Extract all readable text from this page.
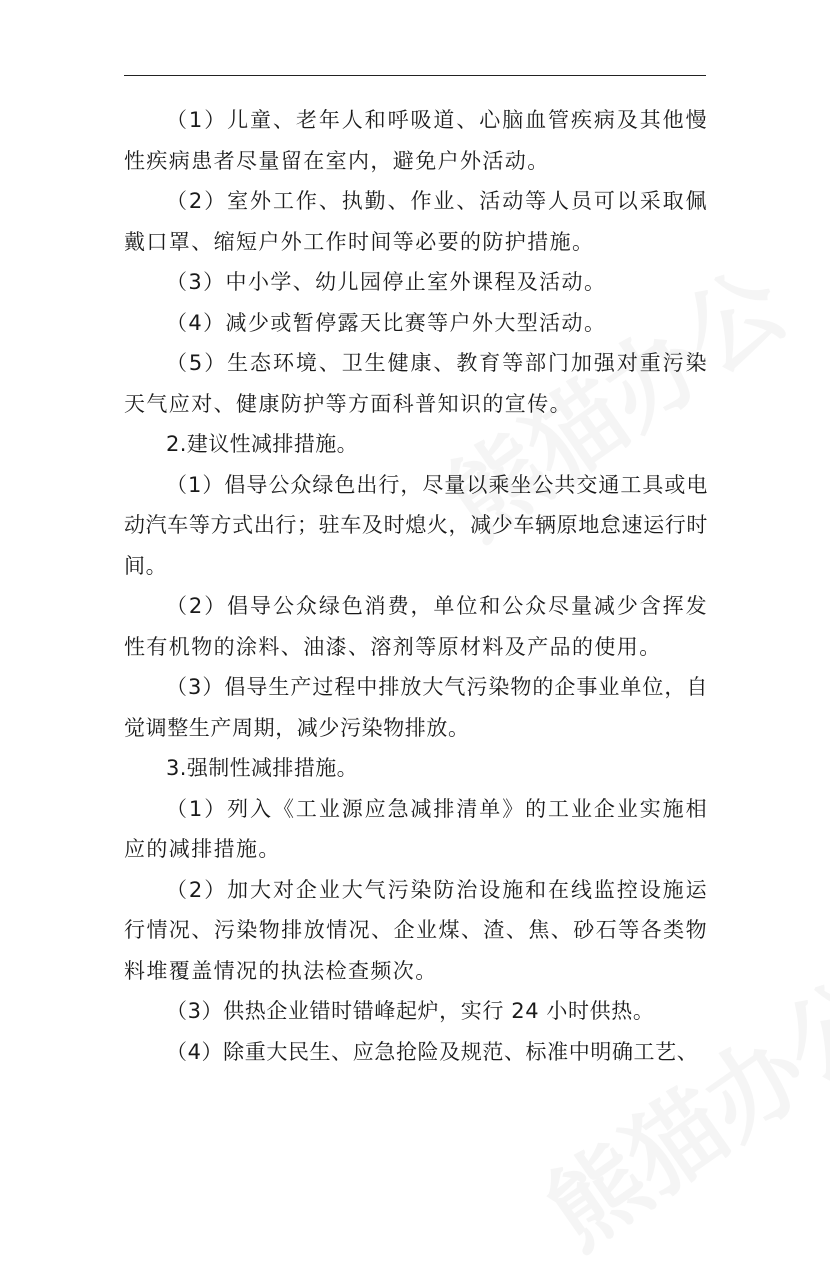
（1）儿童、老年人和呼吸道、心脑血管疾病及其他慢性疾病患者尽量留在室内，避免户外活动。

（2）室外工作、执勤、作业、活动等人员可以采取佩戴口罩、缩短户外工作时间等必要的防护措施。

（3）中小学、幼儿园停止室外课程及活动。

（4）减少或暂停露天比赛等户外大型活动。

（5）生态环境、卫生健康、教育等部门加强对重污染天气应对、健康防护等方面科普知识的宣传。

2.建议性减排措施。

（1）倡导公众绿色出行，尽量以乘坐公共交通工具或电动汽车等方式出行；驻车及时熄火，减少车辆原地怠速运行时间。

（2）倡导公众绿色消费，单位和公众尽量减少含挥发性有机物的涂料、油漆、溶剂等原材料及产品的使用。

（3）倡导生产过程中排放大气污染物的企事业单位，自觉调整生产周期，减少污染物排放。

3.强制性减排措施。

（1）列入《工业源应急减排清单》的工业企业实施相应的减排措施。

（2）加大对企业大气污染防治设施和在线监控设施运行情况、污染物排放情况、企业煤、渣、焦、砂石等各类物料堆覆盖情况的执法检查频次。

（3）供热企业错时错峰起炉，实行 24 小时供热。

（4）除重大民生、应急抢险及规范、标准中明确工艺、
